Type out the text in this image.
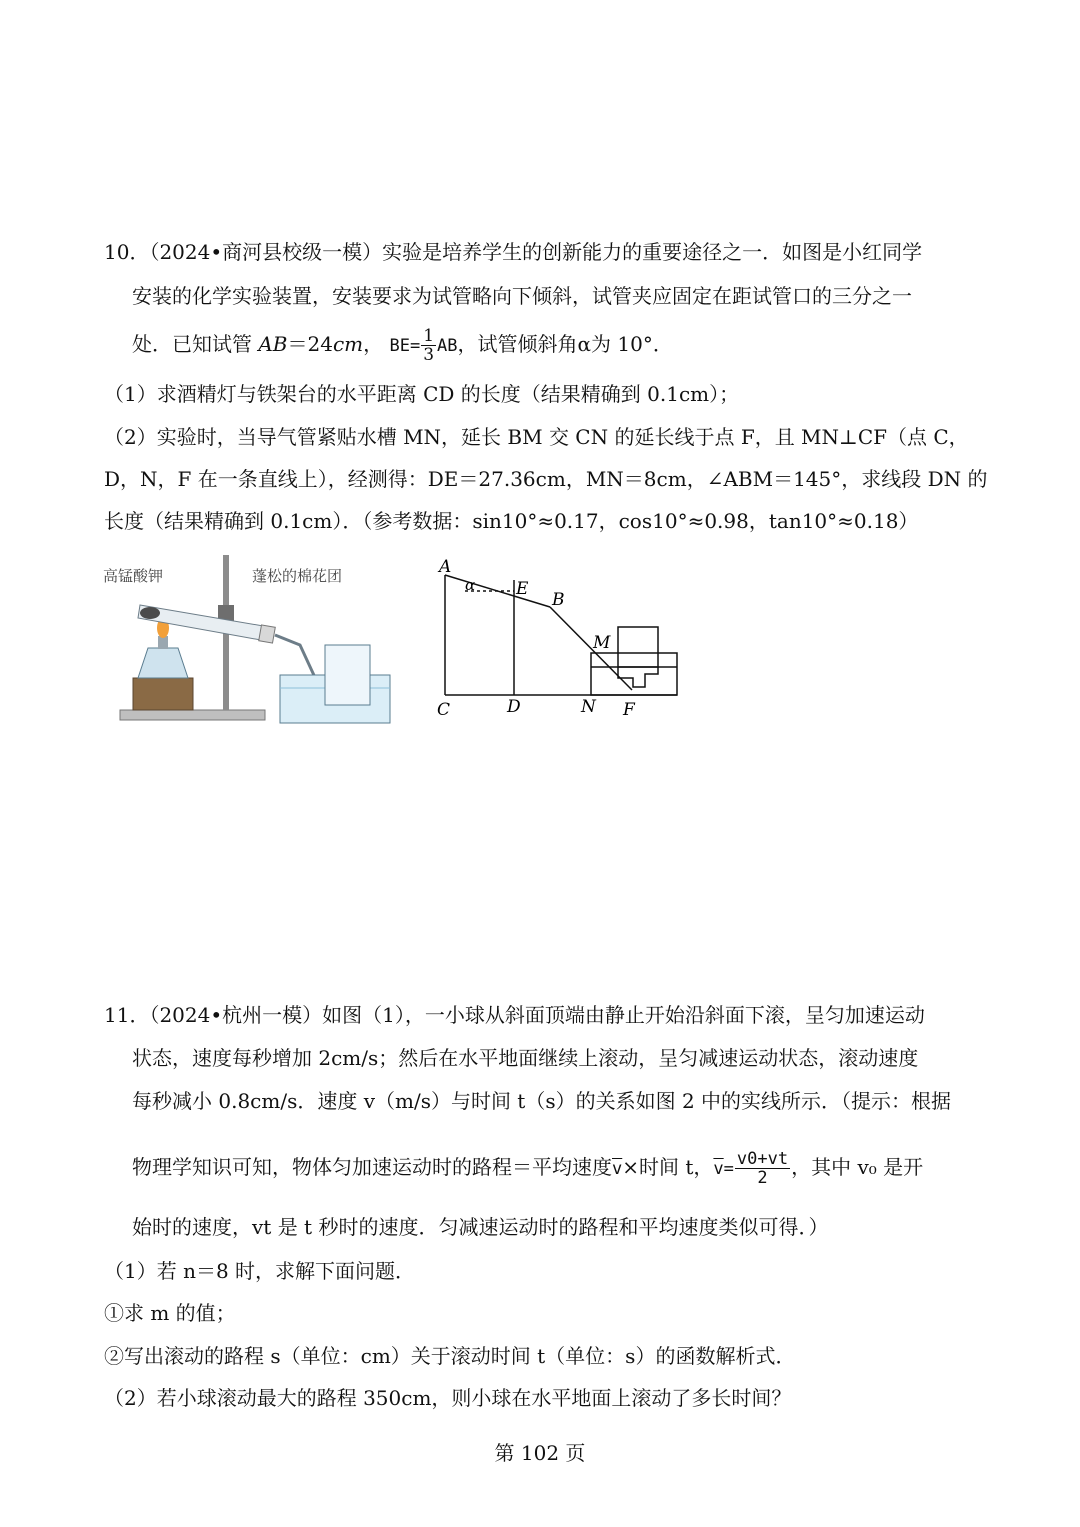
10．（2024•商河县校级一模）实验是培养学生的创新能力的重要途径之一．如图是小红同学
安装的化学实验装置，安装要求为试管略向下倾斜，试管夹应固定在距试管口的三分之一
处．已知试管 AB＝24cm， $BE= \frac{1}{3}$ AB，试管倾斜角α为 10°．
（1）求酒精灯与铁架台的水平距离 CD 的长度（结果精确到 0.1cm）；
（2）实验时，当导气管紧贴水槽 MN，延长 BM 交 CN 的延长线于点 F，且 MN⊥CF（点 C，
D，N，F 在一条直线上），经测得：DE＝27.36cm，MN＝8cm，∠ABM＝145°，求线段 DN 的
长度（结果精确到 0.1cm）．（参考数据：sin10°≈0.17，cos10°≈0.98，tan10°≈0.18）
高锰酸钾	蓬松的棉花团	A
E
B
M
C	D	N F
α
11．（2024•杭州一模）如图（1），一小球从斜面顶端由静止开始沿斜面下滚，呈匀加速运动
状态，速度每秒增加 2cm/s；然后在水平地面继续上滚动，呈匀减速运动状态，滚动速度
每秒减小 0.8cm/s．速度 v（m/s）与时间 t（s）的关系如图 2 中的实线所示．（提示：根据
物理学知识可知，物体匀加速运动时的路程＝平均速度$\overline{v}\times$时间 t，$\overline{v}= \frac{v0+vt}{2}$ ，其中 v₀ 是开
始时的速度，vt 是 t 秒时的速度．匀减速运动时的路程和平均速度类似可得．）
（1）若 n＝8 时，求解下面问题．
①求 m 的值；
②写出滚动的路程 s（单位：cm）关于滚动时间 t（单位：s）的函数解析式．
（2）若小球滚动最大的路程 350cm，则小球在水平地面上滚动了多长时间？
第 102 页
